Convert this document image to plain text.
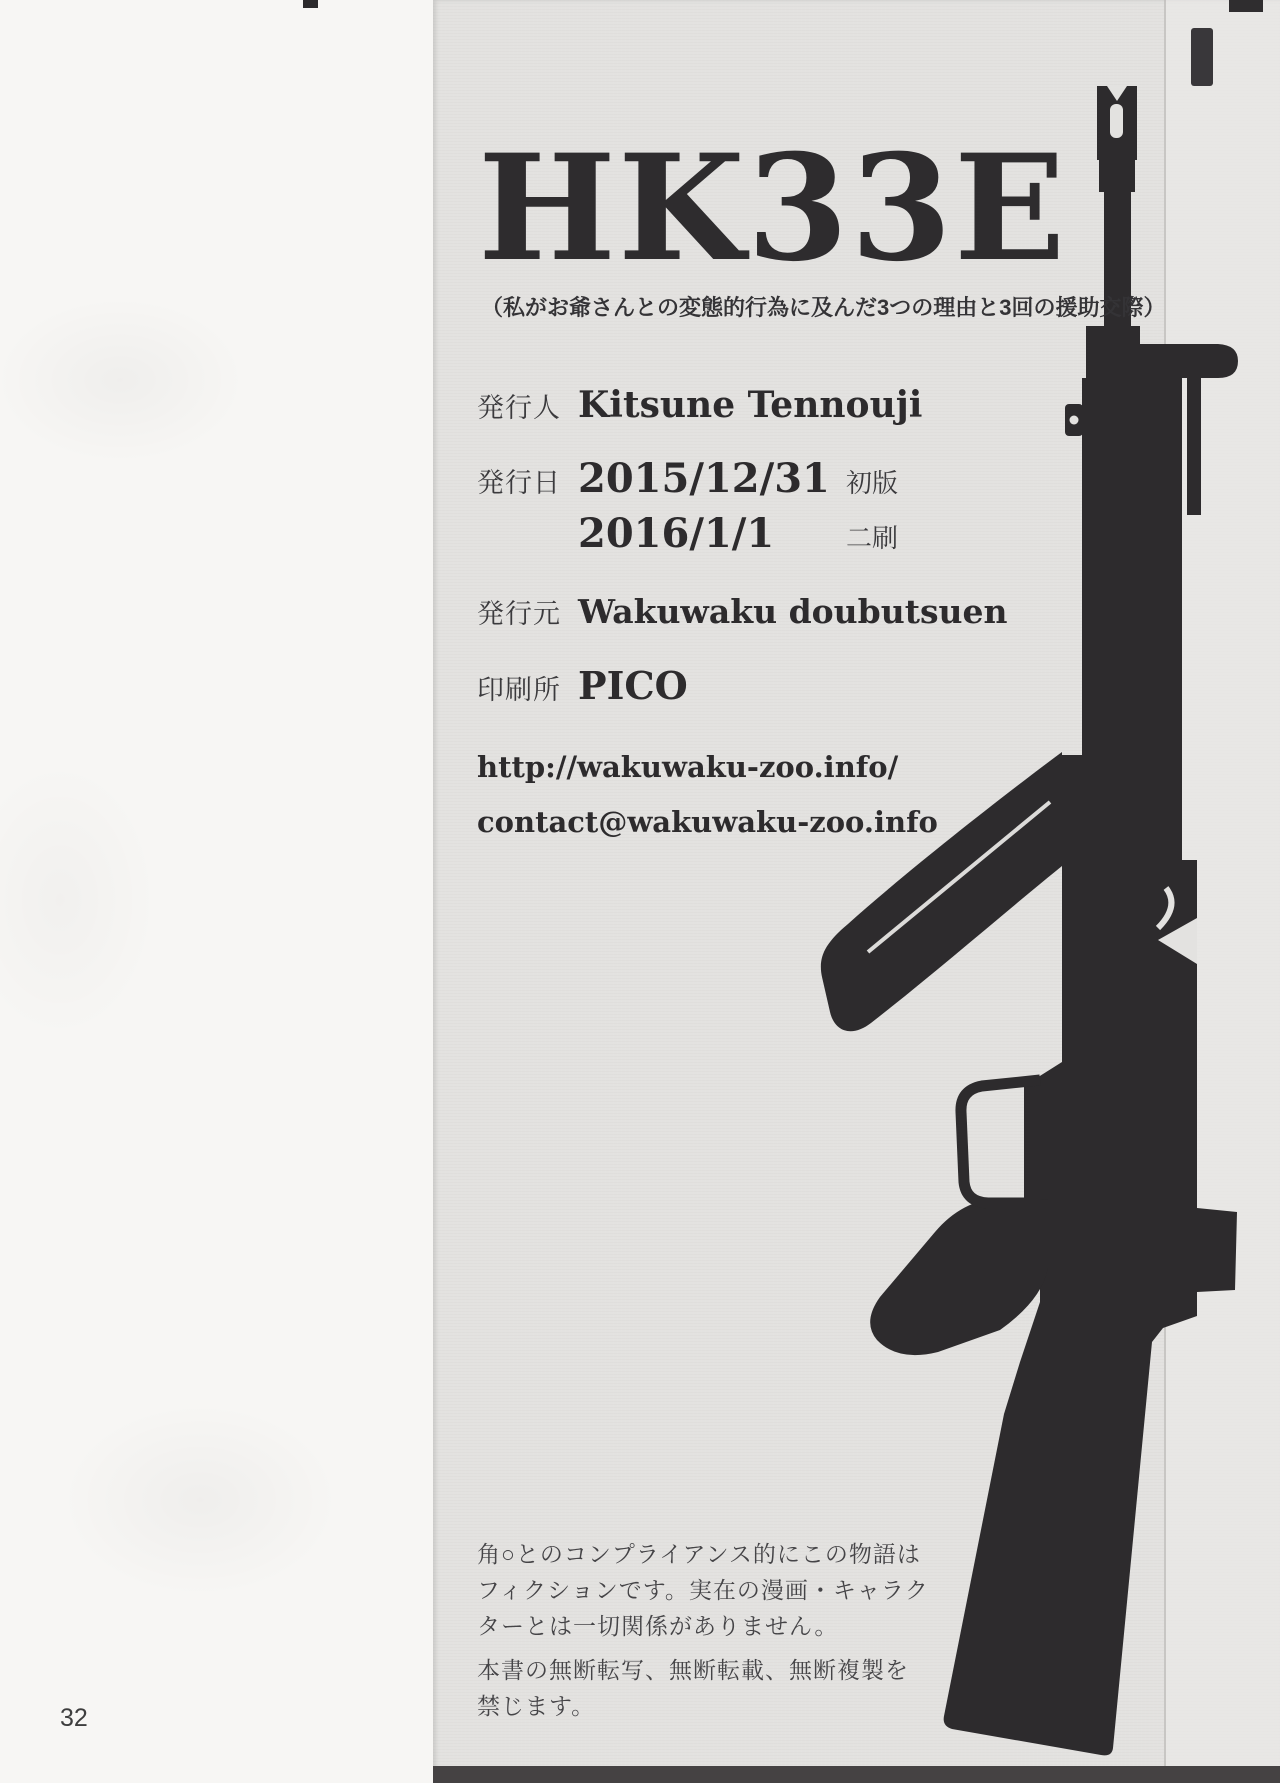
HK33E
（私がお爺さんとの変態的行為に及んだ3つの理由と3回の援助交際）
発行人 Kitsune Tennouji
発行日 2015/12/31 初版
2016/1/1	二刷
発行元 Wakuwaku doubutsuen
印刷所 PICO
http://wakuwaku-zoo.info/
contact@wakuwaku-zoo.info
角○とのコンプライアンス的にこの物語は
フィクションです。実在の漫画・キャラク
ターとは一切関係がありません。
本書の無断転写、無断転載、無断複製を
禁じます。
32
